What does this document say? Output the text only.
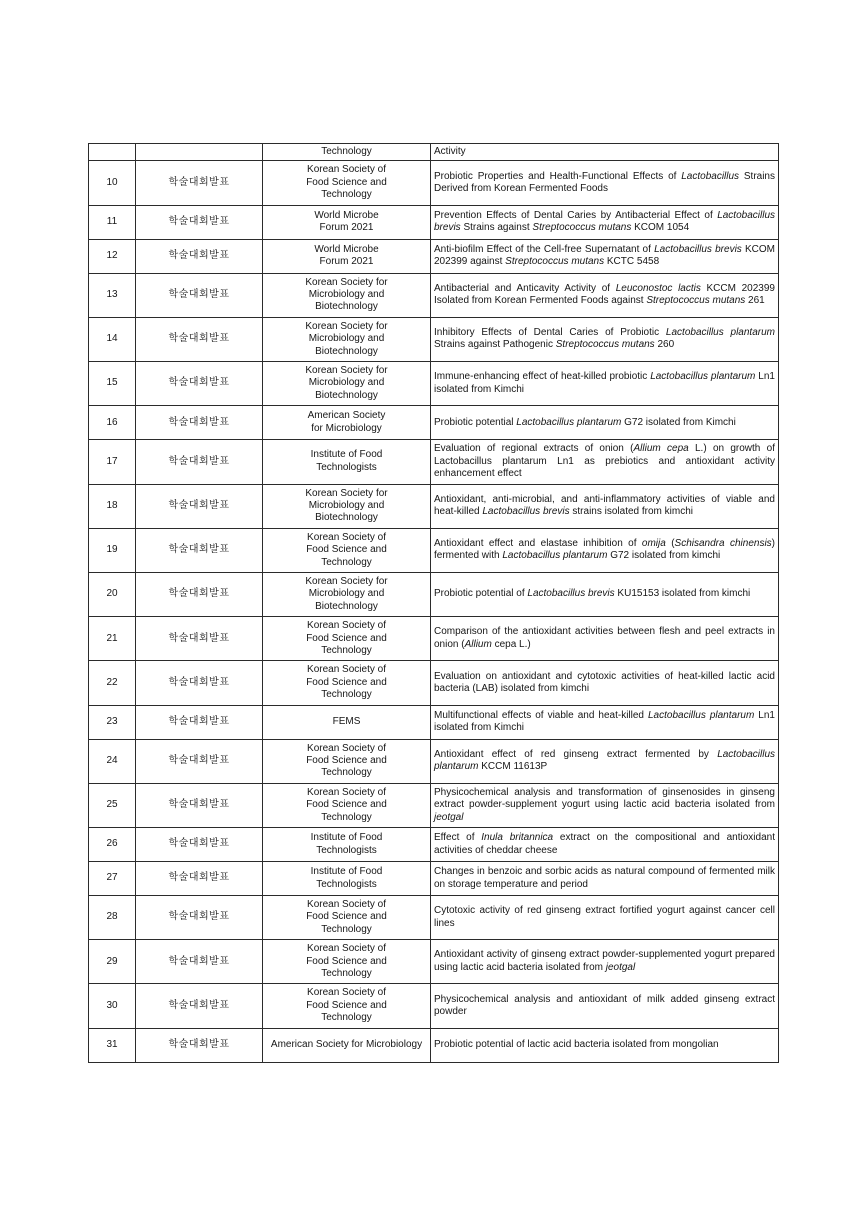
		Technology	Activity
10	학술대회발표	Korean Society of
Food Science and
Technology	Probiotic Properties and Health-Functional Effects of Lactobacillus Strains Derived from Korean Fermented Foods
11	학술대회발표	World Microbe
Forum 2021	Prevention Effects of Dental Caries by Antibacterial Effect of Lactobacillus brevis Strains against Streptococcus mutans KCOM 1054
12	학술대회발표	World Microbe
Forum 2021	Anti-biofilm Effect of the Cell-free Supernatant of Lactobacillus brevis KCOM 202399 against Streptococcus mutans KCTC 5458
13	학술대회발표	Korean Society for
Microbiology and
Biotechnology	Antibacterial and Anticavity Activity of Leuconostoc lactis KCCM 202399 Isolated from Korean Fermented Foods against Streptococcus mutans 261
14	학술대회발표	Korean Society for
Microbiology and
Biotechnology	Inhibitory Effects of Dental Caries of Probiotic Lactobacillus plantarum Strains against Pathogenic Streptococcus mutans 260
15	학술대회발표	Korean Society for
Microbiology and
Biotechnology	Immune-enhancing effect of heat-killed probiotic Lactobacillus plantarum Ln1 isolated from Kimchi
16	학술대회발표	American Society
for Microbiology	Probiotic potential Lactobacillus plantarum G72 isolated from Kimchi
17	학술대회발표	Institute of Food
Technologists	Evaluation of regional extracts of onion (Allium cepa L.) on growth of Lactobacillus plantarum Ln1 as prebiotics and antioxidant activity enhancement effect
18	학술대회발표	Korean Society for
Microbiology and
Biotechnology	Antioxidant, anti-microbial, and anti-inflammatory activities of viable and heat-killed Lactobacillus brevis strains isolated from kimchi
19	학술대회발표	Korean Society of
Food Science and
Technology	Antioxidant effect and elastase inhibition of omija (Schisandra chinensis) fermented with Lactobacillus plantarum G72 isolated from kimchi
20	학술대회발표	Korean Society for
Microbiology and
Biotechnology	Probiotic potential of Lactobacillus brevis KU15153 isolated from kimchi
21	학술대회발표	Korean Society of
Food Science and
Technology	Comparison of the antioxidant activities between flesh and peel extracts in onion (Allium cepa L.)
22	학술대회발표	Korean Society of
Food Science and
Technology	Evaluation on antioxidant and cytotoxic activities of heat-killed lactic acid bacteria (LAB) isolated from kimchi
23	학술대회발표	FEMS	Multifunctional effects of viable and heat-killed Lactobacillus plantarum Ln1 isolated from Kimchi
24	학술대회발표	Korean Society of
Food Science and
Technology	Antioxidant effect of red ginseng extract fermented by Lactobacillus plantarum KCCM 11613P
25	학술대회발표	Korean Society of
Food Science and
Technology	Physicochemical analysis and transformation of ginsenosides in ginseng extract powder-supplement yogurt using lactic acid bacteria isolated from jeotgal
26	학술대회발표	Institute of Food
Technologists	Effect of Inula britannica extract on the compositional and antioxidant activities of cheddar cheese
27	학술대회발표	Institute of Food
Technologists	Changes in benzoic and sorbic acids as natural compound of fermented milk on storage temperature and period
28	학술대회발표	Korean Society of
Food Science and
Technology	Cytotoxic activity of red ginseng extract fortified yogurt against cancer cell lines
29	학술대회발표	Korean Society of
Food Science and
Technology	Antioxidant activity of ginseng extract powder-supplemented yogurt prepared using lactic acid bacteria isolated from jeotgal
30	학술대회발표	Korean Society of
Food Science and
Technology	Physicochemical analysis and antioxidant of milk added ginseng extract powder
31	학술대회발표	American Society for Microbiology	Probiotic potential of lactic acid bacteria isolated from mongolian
